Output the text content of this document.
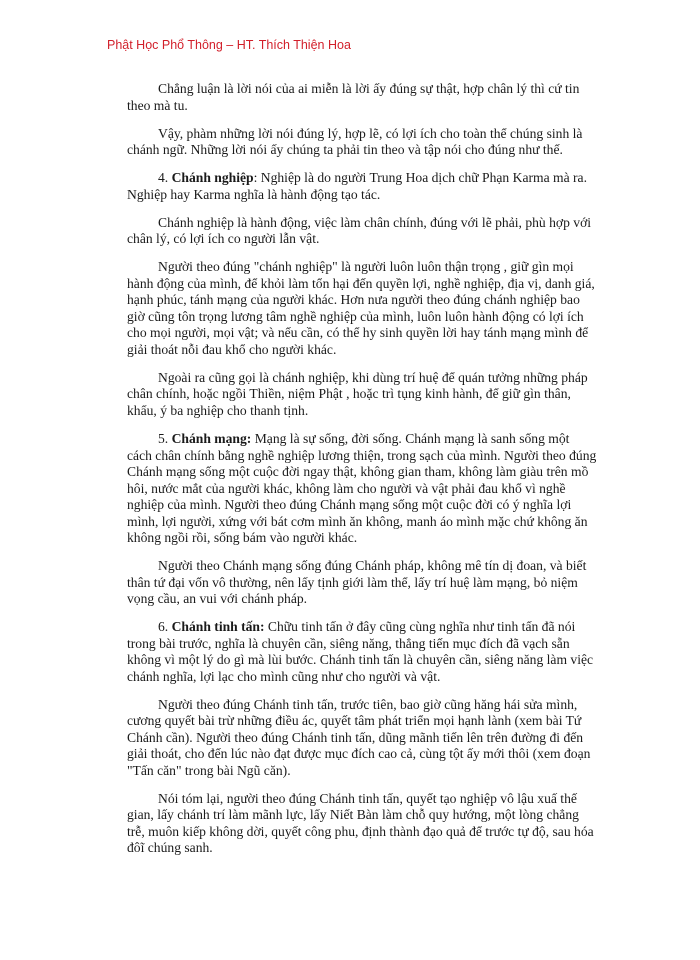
Phật Học Phổ Thông – HT. Thích Thiện Hoa
Chẳng luận là lời nói của ai miễn là lời ấy đúng sự thật, hợp chân lý thì cứ tin
theo mà tu.
Vậy, phàm những lời nói đúng lý, hợp lẽ, có lợi ích cho toàn thể chúng sinh là
chánh ngữ. Những lời nói ấy chúng ta phải tin theo và tập nói cho đúng như thế.
4. Chánh nghiệp: Nghiệp là do người Trung Hoa dịch chữ Phạn Karma mà ra.
Nghiệp hay Karma nghĩa là hành động tạo tác.
Chánh nghiệp là hành động, việc làm chân chính, đúng với lẽ phải, phù hợp với
chân lý, có lợi ích co người lẫn vật.
Người theo đúng "chánh nghiệp" là người luôn luôn thận trọng , giữ gìn mọi
hành động của mình, để khỏi làm tổn hại đến quyền lợi, nghề nghiệp, địa vị, danh giá,
hạnh phúc, tánh mạng của người khác. Hơn nưa người theo đúng chánh nghiệp bao
giờ cũng tôn trọng lương tâm nghề nghiệp của mình, luôn luôn hành động có lợi ích
cho mọi người, mọi vật; và nếu cần, có thể hy sinh quyền lời hay tánh mạng mình để
giải thoát nỗi đau khổ cho người khác.
Ngoài ra cũng gọi là chánh nghiệp, khi dùng trí huệ để quán tưởng những pháp
chân chính, hoặc ngồi Thiền, niệm Phật , hoặc trì tụng kinh hành, để giữ gìn thân,
khẩu, ý ba nghiệp cho thanh tịnh.
5. Chánh mạng: Mạng là sự sống, đời sống. Chánh mạng là sanh sống một
cách chân chính bằng nghề nghiệp lương thiện, trong sạch của mình. Người theo đúng
Chánh mạng sống một cuộc đời ngay thật, không gian tham, không làm giàu trên mồ
hôi, nước mắt của người khác, không làm cho người và vật phải đau khổ vì nghề
nghiệp của mình. Người theo đúng Chánh mạng sống một cuộc đời có ý nghĩa lợi
mình, lợi người, xứng với bát cơm mình ăn không, manh áo mình mặc chứ không ăn
không ngồi rồi, sống bám vào người khác.
Người theo Chánh mạng sống đúng Chánh pháp, không mê tín dị đoan, và biết
thân tứ đại vốn vô thường, nên lấy tịnh giới làm thể, lấy trí huệ làm mạng, bỏ niệm
vọng cầu, an vui với chánh pháp.
6. Chánh tinh tấn: Chữu tinh tấn ở đây cũng cùng nghĩa như tinh tấn đã nói
trong bài trước, nghĩa là chuyên cần, siêng năng, thẳng tiến mục đích đã vạch sẵn
không vì một lý do gì mà lùi bước. Chánh tinh tấn là chuyên cần, siêng năng làm việc
chánh nghĩa, lợi lạc cho mình cũng như cho người và vật.
Người theo đúng Chánh tinh tấn, trước tiên, bao giờ cũng hăng hái sửa mình,
cương quyết bài trừ những điều ác, quyết tâm phát triển mọi hạnh lành (xem bài Tứ
Chánh cần). Người theo đúng Chánh tinh tấn, dũng mãnh tiến lên trên đường đi đến
giải thoát, cho đến lúc nào đạt được mục đích cao cả, cùng tột ấy mới thôi (xem đoạn
"Tấn căn" trong bài Ngũ căn).
Nói tóm lại, người theo đúng Chánh tinh tấn, quyết tạo nghiệp vô lậu xuấ thế
gian, lấy chánh trí làm mãnh lực, lấy Niết Bàn làm chỗ quy hướng, một lòng chẳng
trễ, muôn kiếp không dời, quyết công phu, định thành đạo quả để trước tự độ, sau hóa
đôĩ chúng sanh.
